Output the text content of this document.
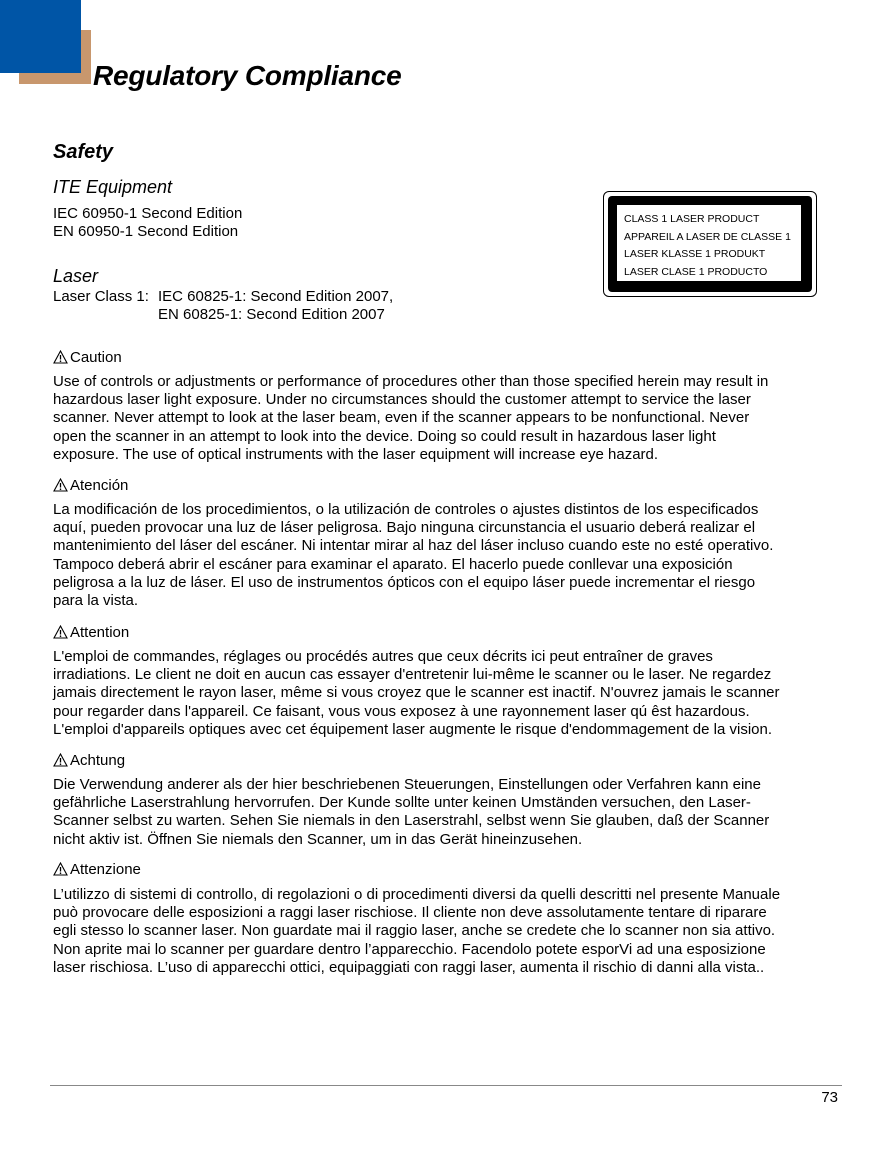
Regulatory Compliance
Safety
ITE Equipment
IEC 60950-1 Second Edition
EN 60950-1 Second Edition
Laser
Laser Class 1: IEC 60825-1: Second Edition 2007,
EN 60825-1: Second Edition 2007
CLASS 1 LASER PRODUCT
APPAREIL A LASER DE CLASSE 1
LASER KLASSE 1 PRODUKT
LASER CLASE 1 PRODUCTO
Caution
Use of controls or adjustments or performance of procedures other than those specified herein may result in
hazardous laser light exposure. Under no circumstances should the customer attempt to service the laser
scanner. Never attempt to look at the laser beam, even if the scanner appears to be nonfunctional. Never
open the scanner in an attempt to look into the device. Doing so could result in hazardous laser light
exposure. The use of optical instruments with the laser equipment will increase eye hazard.
Atención
La modificación de los procedimientos, o la utilización de controles o ajustes distintos de los especificados
aquí, pueden provocar una luz de láser peligrosa. Bajo ninguna circunstancia el usuario deberá realizar el
mantenimiento del láser del escáner. Ni intentar mirar al haz del láser incluso cuando este no esté operativo.
Tampoco deberá abrir el escáner para examinar el aparato. El hacerlo puede conllevar una exposición
peligrosa a la luz de láser. El uso de instrumentos ópticos con el equipo láser puede incrementar el riesgo
para la vista.
Attention
L'emploi de commandes, réglages ou procédés autres que ceux décrits ici peut entraîner de graves
irradiations. Le client ne doit en aucun cas essayer d'entretenir lui-même le scanner ou le laser. Ne regardez
jamais directement le rayon laser, même si vous croyez que le scanner est inactif. N'ouvrez jamais le scanner
pour regarder dans l'appareil. Ce faisant, vous vous exposez à une rayonnement laser qú êst hazardous.
L'emploi d'appareils optiques avec cet équipement laser augmente le risque d'endommagement de la vision.
Achtung
Die Verwendung anderer als der hier beschriebenen Steuerungen, Einstellungen oder Verfahren kann eine
gefährliche Laserstrahlung hervorrufen. Der Kunde sollte unter keinen Umständen versuchen, den Laser-
Scanner selbst zu warten. Sehen Sie niemals in den Laserstrahl, selbst wenn Sie glauben, daß der Scanner
nicht aktiv ist. Öffnen Sie niemals den Scanner, um in das Gerät hineinzusehen.
Attenzione
L’utilizzo di sistemi di controllo, di regolazioni o di procedimenti diversi da quelli descritti nel presente Manuale
può provocare delle esposizioni a raggi laser rischiose. Il cliente non deve assolutamente tentare di riparare
egli stesso lo scanner laser. Non guardate mai il raggio laser, anche se credete che lo scanner non sia attivo.
Non aprite mai lo scanner per guardare dentro l’apparecchio. Facendolo potete esporVi ad una esposizione
laser rischiosa. L’uso di apparecchi ottici, equipaggiati con raggi laser, aumenta il rischio di danni alla vista..
73
